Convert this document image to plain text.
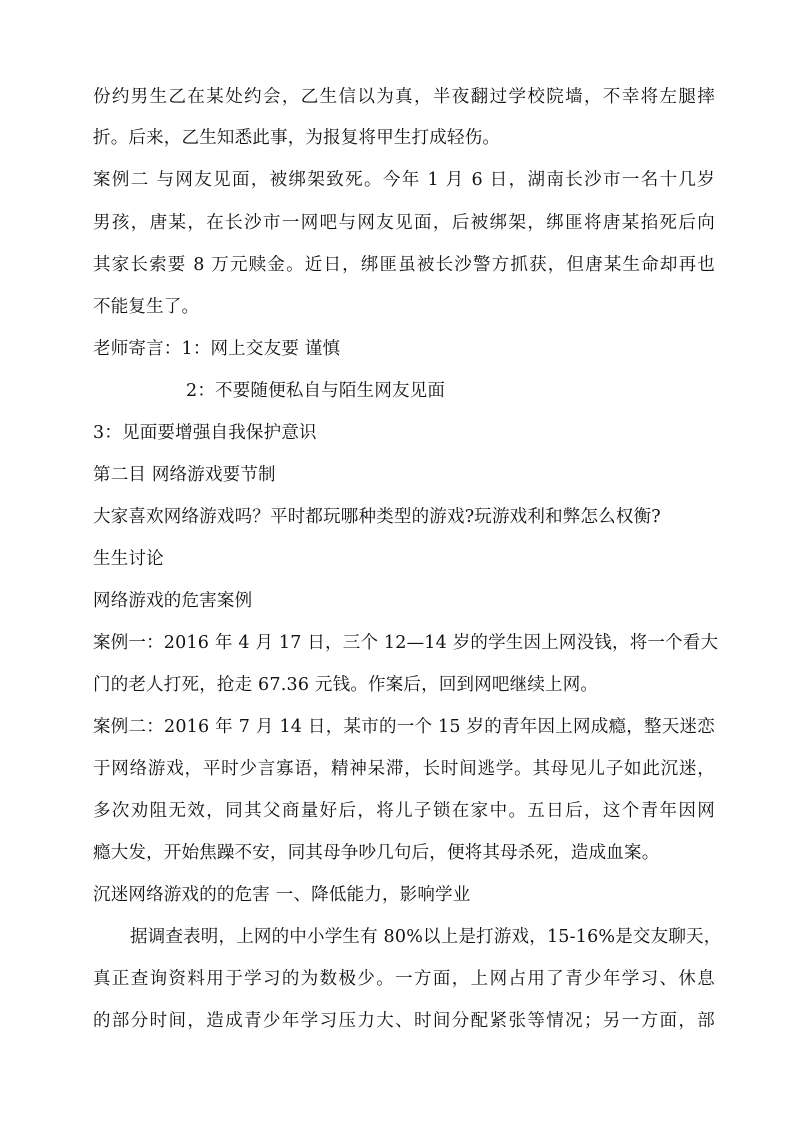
份约男生乙在某处约会，乙生信以为真，半夜翻过学校院墙，不幸将左腿摔
折。后来，乙生知悉此事，为报复将甲生打成轻伤。
案例二 与网友见面，被绑架致死。今年 1 月 6 日，湖南长沙市一名十几岁
男孩，唐某，在长沙市一网吧与网友见面，后被绑架，绑匪将唐某掐死后向
其家长索要 8 万元赎金。近日，绑匪虽被长沙警方抓获，但唐某生命却再也
不能复生了。
老师寄言：1：网上交友要 谨慎
2：不要随便私自与陌生网友见面
3：见面要增强自我保护意识
第二目 网络游戏要节制
大家喜欢网络游戏吗？平时都玩哪种类型的游戏?玩游戏利和弊怎么权衡?
生生讨论
网络游戏的危害案例
案例一：2016 年 4 月 17 日，三个 12—14 岁的学生因上网没钱，将一个看大
门的老人打死，抢走 67.36 元钱。作案后，回到网吧继续上网。
案例二：2016 年 7 月 14 日，某市的一个 15 岁的青年因上网成瘾，整天迷恋
于网络游戏，平时少言寡语，精神呆滞，长时间逃学。其母见儿子如此沉迷，
多次劝阻无效，同其父商量好后，将儿子锁在家中。五日后，这个青年因网
瘾大发，开始焦躁不安，同其母争吵几句后，便将其母杀死，造成血案。
沉迷网络游戏的的危害 一、降低能力，影响学业
据调查表明，上网的中小学生有 80%以上是打游戏，15-16%是交友聊天，
真正查询资料用于学习的为数极少。一方面，上网占用了青少年学习、休息
的部分时间，造成青少年学习压力大、时间分配紧张等情况；另一方面，部
